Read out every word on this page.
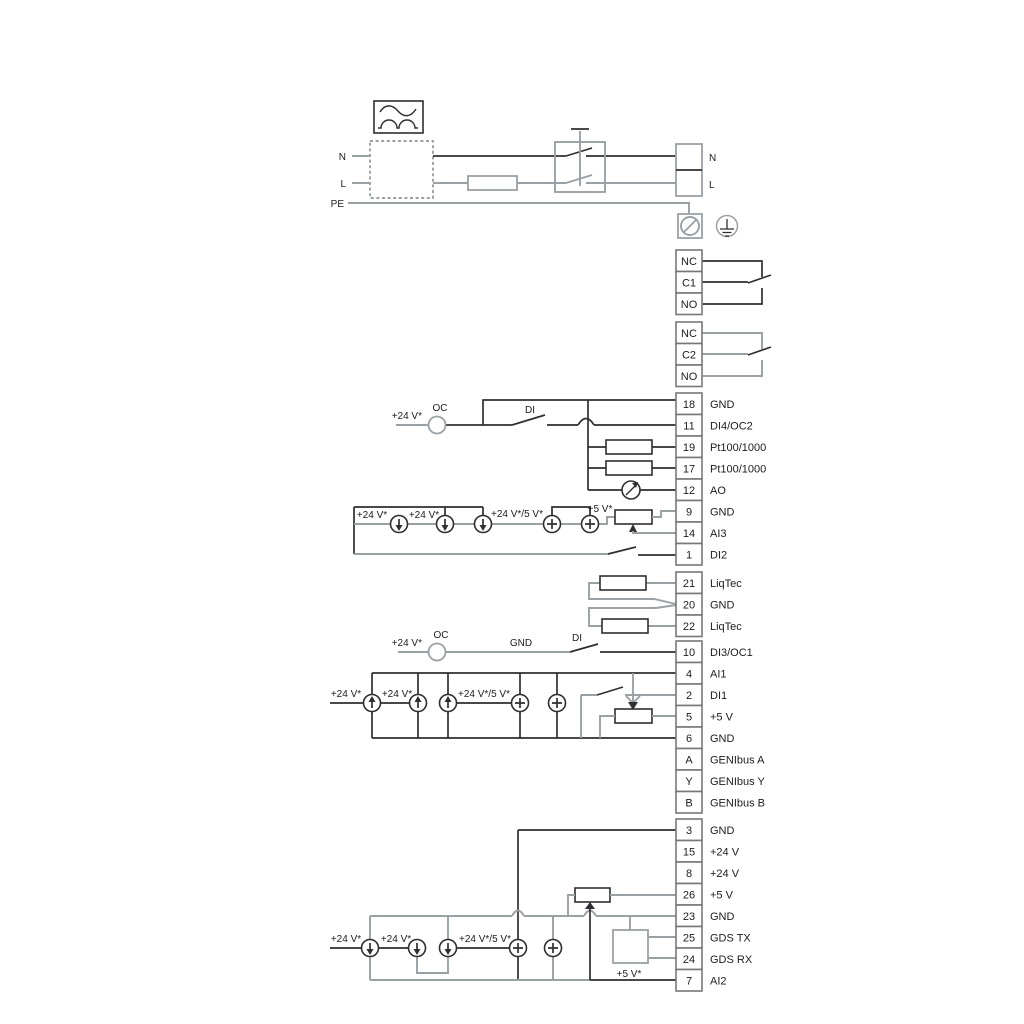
NC
C1
NO
NC
C2
NO
18 GND
11 DI4/OC2
19 Pt100/1000
17 Pt100/1000
12 AO
9 GND
14 AI3
1 DI2
21 LiqTec
20 GND
22 LiqTec
10 DI3/OC1
4 AI1
2 DI1
5 +5 V
6 GND
A GENIbus A
Y GENIbus Y
B GENIbus B
3 GND
15 +24 V
8 +24 V
26 +5 V
23 GND
25 GDS TX
24 GDS RX
7 AI2
N
L
PE
N
L
+24 V*
OC	DI
+24 V* +24 V*	+24 V*/5 V*	+5 V*
+24 V*
OC
GND	DI
+24 V* +24 V*	+24 V*/5 V*
+24 V* +24 V*	+24 V*/5 V*
+5 V*
